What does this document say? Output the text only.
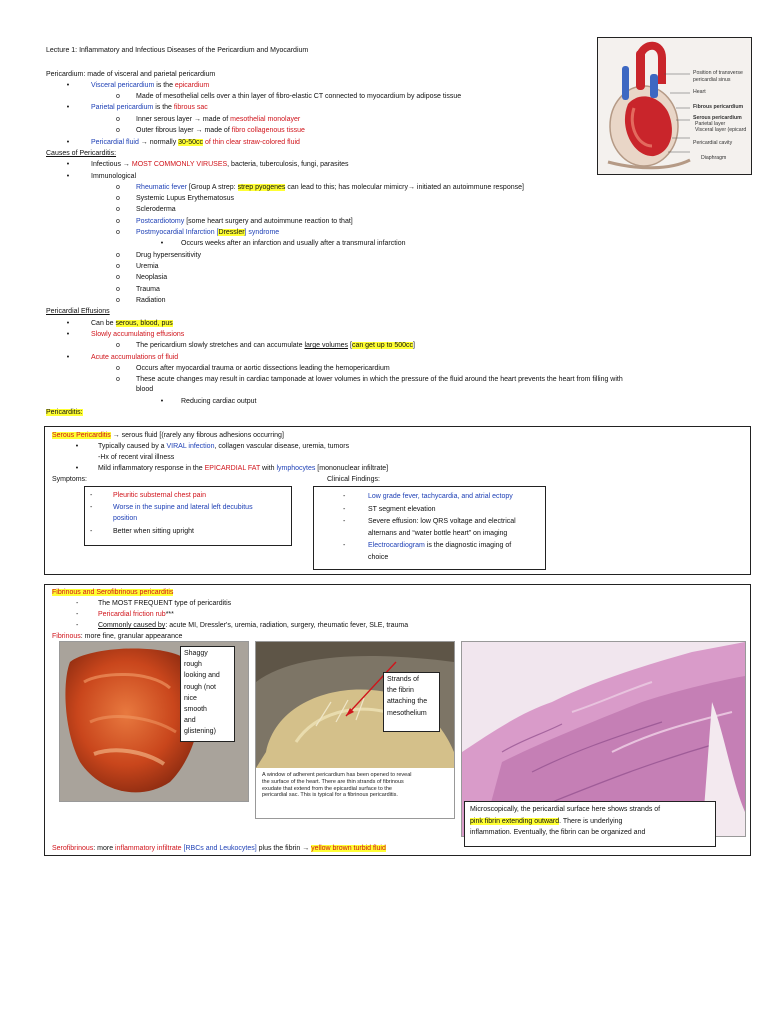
Lecture 1: Inflammatory and Infectious Diseases of the Pericardium and Myocardium
Position of transverse
pericardial sinus
Heart
Fibrous pericardium
Serous pericardium
Parietal layer
Visceral layer (epicard
Pericardial cavity
Diaphragm
Pericardium: made of visceral and parietal pericardium
•	Visceral pericardium is the epicardium
o Made of mesothelial cells over a thin layer of fibro-elastic CT connected to myocardium by adipose tissue
•	Parietal pericardium is the fibrous sac
o Inner serous layer → made of mesothelial monolayer
o Outer fibrous layer → made of fibro collagenous tissue
•	Pericardial fluid → normally 30-50cc of thin clear straw-colored fluid
Causes of Pericarditis:
•	Infectious → MOST COMMONLY VIRUSES, bacteria, tuberculosis, fungi, parasites
•	Immunological
o Rheumatic fever [Group A strep: strep pyogenes can lead to this; has molecular mimicry→ initiated an autoimmune response]
o Systemic Lupus Erythematosus
o Scleroderma
o Postcardiotomy [some heart surgery and autoimmune reaction to that]
o Postmyocardial Infarction [Dressler] syndrome
•	Occurs weeks after an infarction and usually after a transmural infarction
o Drug hypersensitivity
o Uremia
o Neoplasia
o Trauma
o Radiation
Pericardial Effusions
•	Can be serous, blood, pus
•	Slowly accumulating effusions
o The pericardium slowly stretches and can accumulate large volumes [can get up to 500cc]
•	Acute accumulations of fluid
o Occurs after myocardial trauma or aortic dissections leading the hemopericardium
o These acute changes may result in cardiac tamponade at lower volumes in which the pressure of the fluid around the heart prevents the heart from filling with
blood
•	Reducing cardiac output
Pericarditis:
Serous Pericarditis → serous fluid [(rarely any fibrous adhesions occurring]
•	Typically caused by a VIRAL infection, collagen vascular disease, uremia, tumors
-Hx of recent viral illness
•	Mild inflammatory response in the EPICARDIAL FAT with lymphocytes [mononuclear infiltrate]
Symptoms:	Clinical Findings:
-	Pleuritic substernal chest pain
-	Worse in the supine and lateral left decubitus
position
-	Better when sitting upright
-	Low grade fever, tachycardia, and atrial ectopy
-	ST segment elevation
-	Severe effusion: low QRS voltage and electrical
alternans and “water bottle heart” on imaging
-	Electrocardiogram is the diagnostic imaging of
choice
Fibrinous and Serofibrinous pericarditis
-	The MOST FREQUENT type of pericarditis
-	Pericardial friction rub***
-	Commonly caused by: acute MI, Dressler's, uremia, radiation, surgery, rheumatic fever, SLE, trauma
Fibrinous: more fine, granular appearance
Shaggy
rough
looking and
rough (not
nice
smooth
and
glistening)
Strands of
the fibrin
attaching the
mesothelium
A window of adherent pericardium has been opened to reveal
the surface of the heart. There are thin strands of fibrinous
exudate that extend from the epicardial surface to the
pericardial sac. This is typical for a fibrinous pericarditis.
Microscopically, the pericardial surface here shows strands of
pink fibrin extending outward. There is underlying
inflammation. Eventually, the fibrin can be organized and
Serofibrinous: more inflammatory infiltrate [RBCs and Leukocytes] plus the fibrin → yellow brown turbid fluid
